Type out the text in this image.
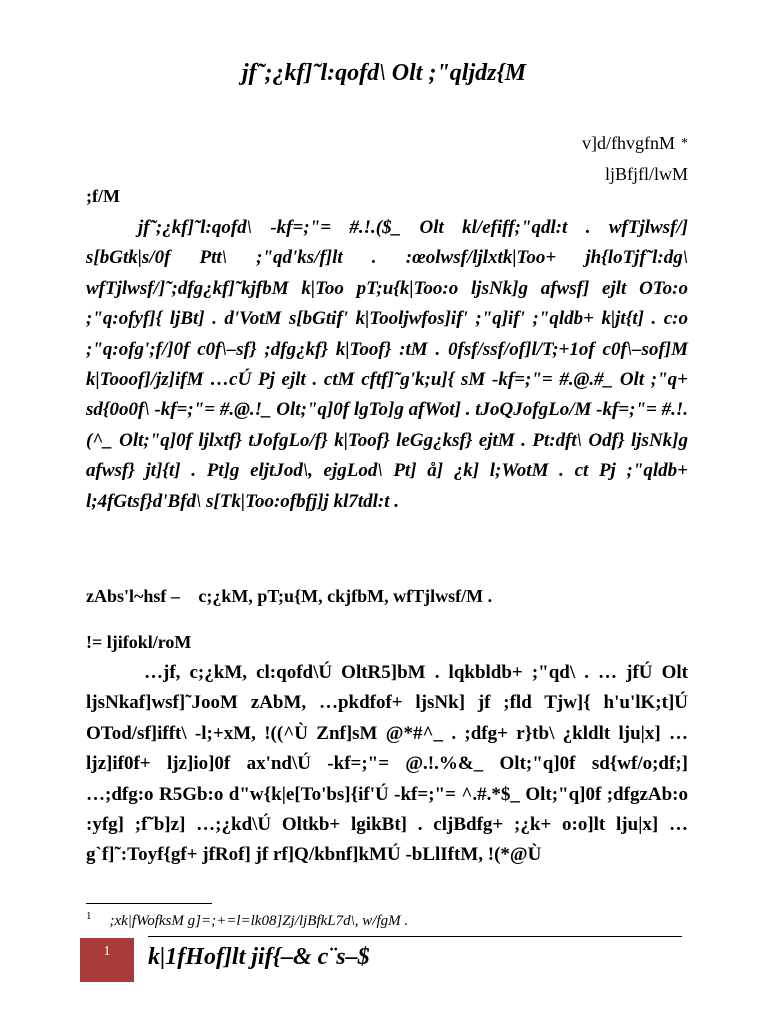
jf˜;¿kf]˜l:qofd\ Olt ;"qljdz{M
v]d/fhvgfnM *
ljBfjfl/lwM
;f/M

jf˜;¿kf]˜l:qofd\ -kf=;"= #.!.($_ Olt kl/efiff;"qdl:t . wfTjlwsf/] s[bGtk|s/0f Ptt\ ;"qd'ks/f]lt . :œolwsf/ljlxtk|Too+ jh{loTjf˜l:dg\ wfTjlwsf/]˜;dfg¿kf]˜kjfbM k|Too pT;u{k|Too:o ljsNk]g afwsf] ejlt OTo:o ;"q:ofyf]{ ljBt] . d'VotM s[bGtif' k|Tooljwfos]if' ;"q]if' ;"qldb+ k|jt{t] . c:o ;"q:ofg';f/]0f c0f\–sf} ;dfg¿kf} k|Toof} :tM . 0fsf/ssf/of]l/T;+1of c0f\–sof]M k|Tooof]/jz]ifM …cÚ Pj ejlt . ctM cftf]˜g'k;u]{ sM -kf=;"= #.@.#_ Olt ;"q+ sd{0o0f\ -kf=;"= #.@.!_ Olt;"q]0f lgTo]g afWot] . tJoQJofgLo/M -kf=;"= #.!.(^_ Olt;"q]0f ljlxtf} tJofgLo/f} k|Toof} leGg¿ksf} ejtM . Pt:dft\ Odf} ljsNk]g afwsf} jt]{t] . Pt]g eljtJod\, ejgLod\ Pt] å] ¿k] l;WotM . ct Pj ;"qldb+ l;4fGtsf}d'Bfd\ s[Tk|Too:ofbfj]j kl7tdl:t .

zAbs'l~hsf – c;¿kM, pT;u{M, ckjfbM, wfTjlwsf/M .
!= ljifokl/roM

…jf, c;¿kM, cl:qofd\Ú OltR5]bM . lqkbldb+ ;"qd\ . … jfÚ Olt ljsNkaf]wsf]˜JooM zAbM, …pkdfof+ ljsNk] jf ;fld Tjw]{ h'u'lK;t]Ú OTod/sf]ifft\ -l;+xM, !((^Ù Znf]sM @*#^_ . ;dfg+ r}tb\ ¿kldlt lju|x] …ljz]if0f+ ljz]io]0f ax'nd\Ú -kf=;"= @.!.%&_ Olt;"q]0f sd{wf/o;df;] …;dfg:o R5Gb:o d"w{k|e[To'bs]{if'Ú -kf=;"= ^.#.*$_ Olt;"q]0f ;dfgzAb:o :yfg] ;f˜b]z] …;¿kd\Ú Oltkb+ lgikBt] . cljBdfg+ ;¿k+ o:o]lt lju|x] …g`f]˜:Toyf{gf+ jfRof] jf rf]Q/kbnf]kMÚ -bLlIftM, !(*@Ù

$^1$ ;xk|fWofksM g]=;+=l=lk08]Zj/ljBfkL7d\, w/fgM .
1 k|1fHof]lt jif{–& c¨s–$
